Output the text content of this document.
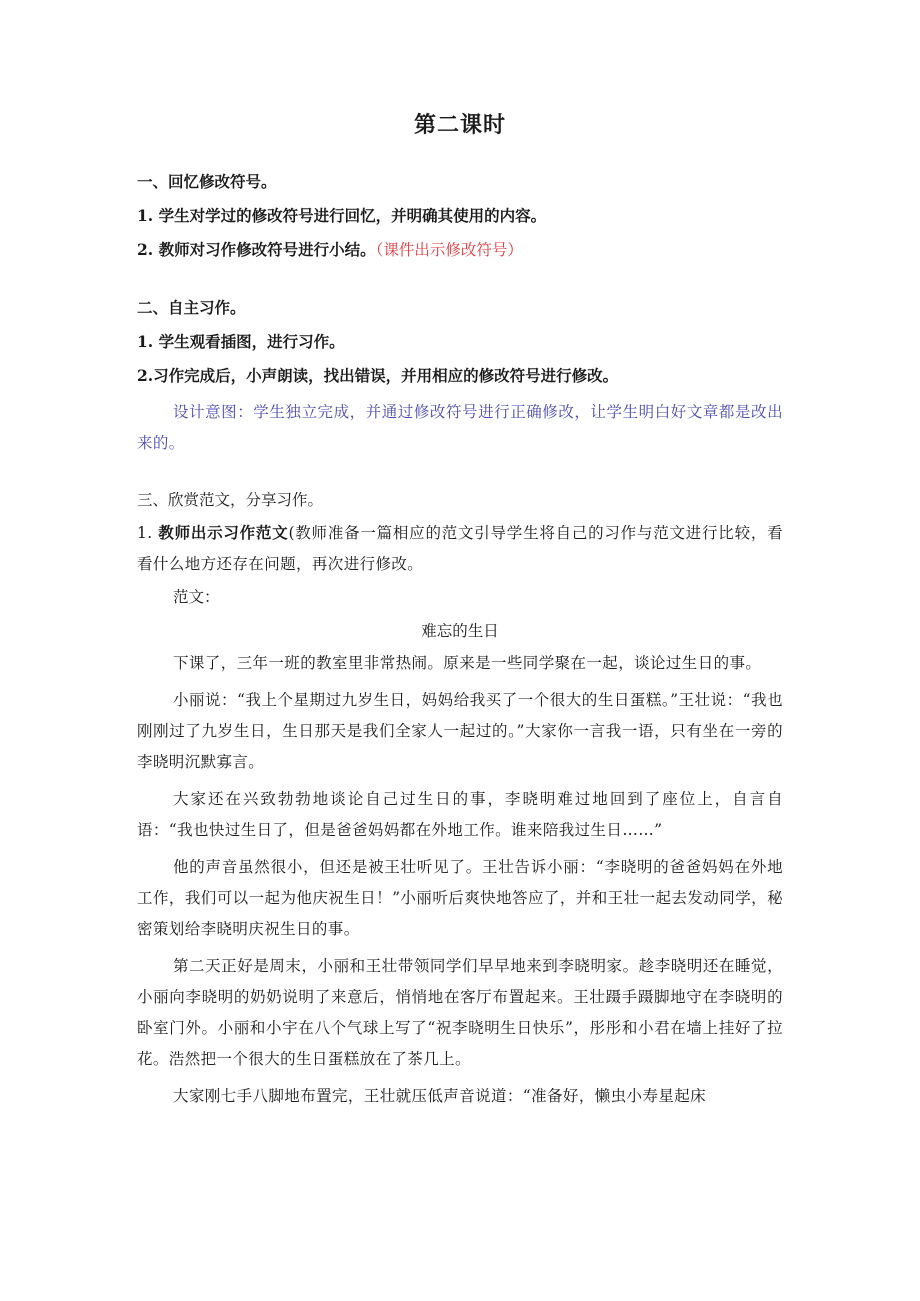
第二课时

一、回忆修改符号。

1. 学生对学过的修改符号进行回忆，并明确其使用的内容。

2. 教师对习作修改符号进行小结。（课件出示修改符号）

二、自主习作。

1. 学生观看插图，进行习作。

2.习作完成后，小声朗读，找出错误，并用相应的修改符号进行修改。

设计意图：学生独立完成，并通过修改符号进行正确修改，让学生明白好文章都是改出来的。

三、欣赏范文，分享习作。

1. 教师出示习作范文(教师准备一篇相应的范文引导学生将自己的习作与范文进行比较，看看什么地方还存在问题，再次进行修改。

范文：

难忘的生日

下课了，三年一班的教室里非常热闹。原来是一些同学聚在一起，谈论过生日的事。

小丽说：“我上个星期过九岁生日，妈妈给我买了一个很大的生日蛋糕。”王壮说：“我也刚刚过了九岁生日，生日那天是我们全家人一起过的。”大家你一言我一语，只有坐在一旁的李晓明沉默寡言。

大家还在兴致勃勃地谈论自己过生日的事，李晓明难过地回到了座位上，自言自语：“我也快过生日了，但是爸爸妈妈都在外地工作。谁来陪我过生日……”

他的声音虽然很小，但还是被王壮听见了。王壮告诉小丽：“李晓明的爸爸妈妈在外地工作，我们可以一起为他庆祝生日！”小丽听后爽快地答应了，并和王壮一起去发动同学，秘密策划给李晓明庆祝生日的事。

第二天正好是周末，小丽和王壮带领同学们早早地来到李晓明家。趁李晓明还在睡觉，小丽向李晓明的奶奶说明了来意后，悄悄地在客厅布置起来。王壮蹑手蹑脚地守在李晓明的卧室门外。小丽和小宇在八个气球上写了“祝李晓明生日快乐”，彤彤和小君在墙上挂好了拉花。浩然把一个很大的生日蛋糕放在了茶几上。

大家刚七手八脚地布置完，王壮就压低声音说道：“准备好，懒虫小寿星起床
